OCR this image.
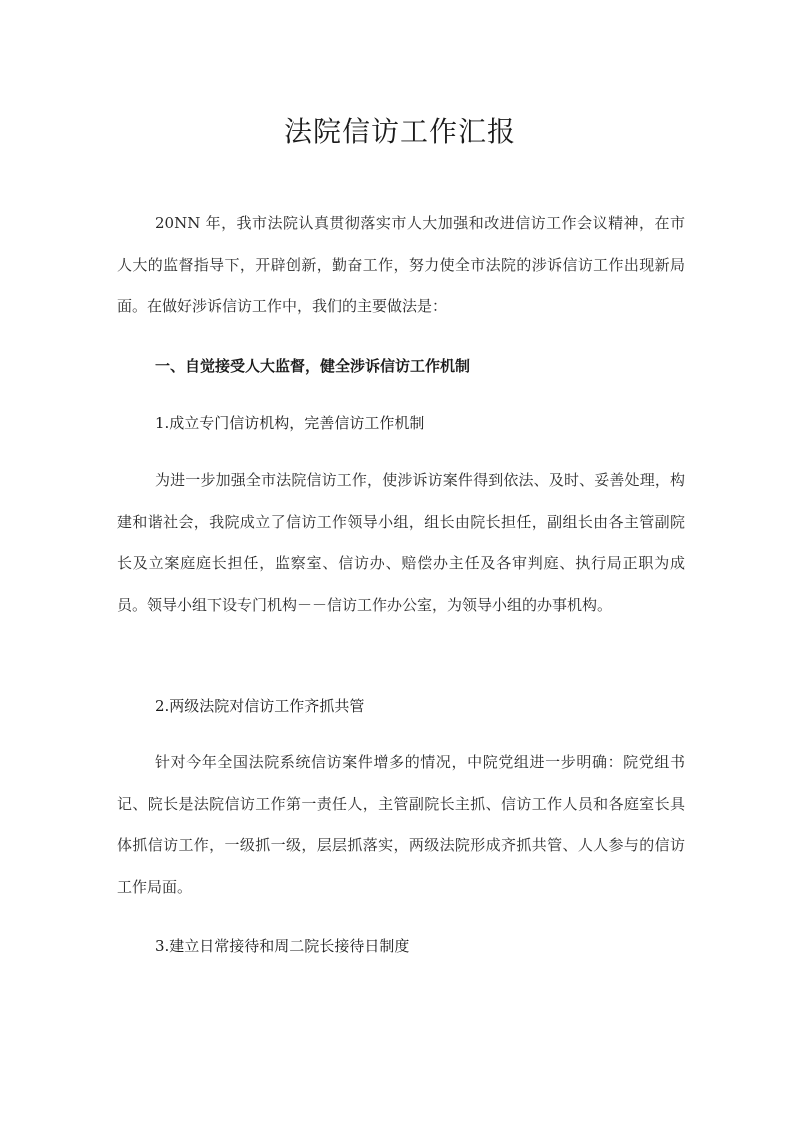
法院信访工作汇报

20NN 年，我市法院认真贯彻落实市人大加强和改进信访工作会议精神，在市人大的监督指导下，开辟创新，勤奋工作，努力使全市法院的涉诉信访工作出现新局面。在做好涉诉信访工作中，我们的主要做法是：

一、自觉接受人大监督，健全涉诉信访工作机制

1.成立专门信访机构，完善信访工作机制

为进一步加强全市法院信访工作，使涉诉访案件得到依法、及时、妥善处理，构建和谐社会，我院成立了信访工作领导小组，组长由院长担任，副组长由各主管副院长及立案庭庭长担任，监察室、信访办、赔偿办主任及各审判庭、执行局正职为成员。领导小组下设专门机构－－信访工作办公室，为领导小组的办事机构。

2.两级法院对信访工作齐抓共管

针对今年全国法院系统信访案件增多的情况，中院党组进一步明确：院党组书记、院长是法院信访工作第一责任人，主管副院长主抓、信访工作人员和各庭室长具体抓信访工作，一级抓一级，层层抓落实，两级法院形成齐抓共管、人人参与的信访工作局面。

3.建立日常接待和周二院长接待日制度
